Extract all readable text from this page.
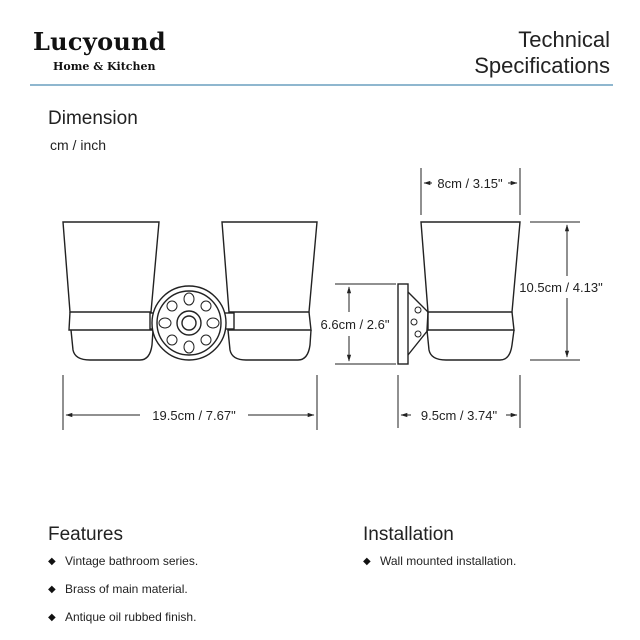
Lucyound
Home & Kitchen
Technical
Specifications
Dimension
cm / inch
19.5cm / 7.67"
8cm / 3.15"
10.5cm / 4.13"
6.6cm / 2.6"
9.5cm / 3.74"
Features
◆ Vintage bathroom series.
◆ Brass of main material.
◆ Antique oil rubbed finish.
Installation
◆ Wall mounted installation.
